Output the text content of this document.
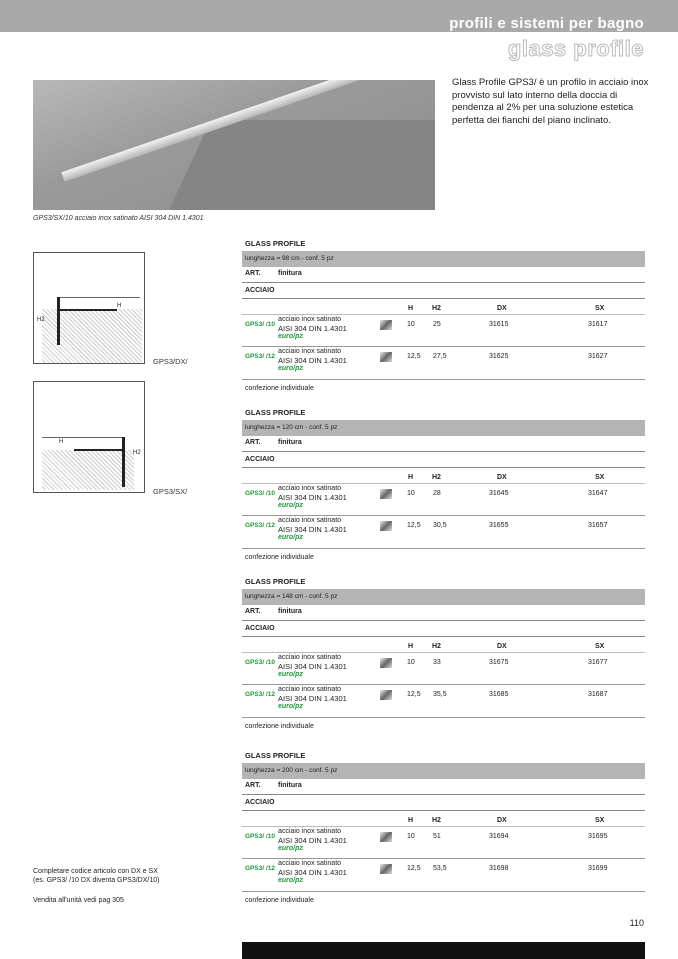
profili e sistemi per bagno
glass profile
GPS3/SX/10 acciaio inox satinato AISI 304 DIN 1.4301
Glass Profile GPS3/ è un profilo in acciaio inox provvisto sul lato interno della doccia di pendenza al 2% per una soluzione estetica perfetta dei fianchi del piano inclinato.
H
H2
GPS3/DX/
H
H2
GPS3/SX/
GLASS PROFILE
lunghezza = 98 cm - conf. 5 pz
ART. finitura
ACCIAIO
H	H2	DX	SX
GPS3/ /10
acciaio inox satinato
AISI 304 DIN 1.4301
euro/pz
10	25	31615	31617
GPS3/ /12
acciaio inox satinato
AISI 304 DIN 1.4301
euro/pz
12,5 27,5	31625	31627
confezione individuale
GLASS PROFILE
lunghezza = 120 cm - conf. 5 pz
ART. finitura
ACCIAIO
H	H2	DX	SX
GPS3/ /10
acciaio inox satinato
AISI 304 DIN 1.4301
euro/pz
10	28	31645	31647
GPS3/ /12
acciaio inox satinato
AISI 304 DIN 1.4301
euro/pz
12,5 30,5	31655	31657
confezione individuale
GLASS PROFILE
lunghezza = 148 cm - conf. 5 pz
ART. finitura
ACCIAIO
H	H2	DX	SX
GPS3/ /10
acciaio inox satinato
AISI 304 DIN 1.4301
euro/pz
10	33	31675	31677
GPS3/ /12
acciaio inox satinato
AISI 304 DIN 1.4301
euro/pz
12,5 35,5	31685	31687
confezione individuale
GLASS PROFILE
lunghezza = 200 cm - conf. 5 pz
ART. finitura
ACCIAIO
H	H2	DX	SX
GPS3/ /10
acciaio inox satinato
AISI 304 DIN 1.4301
euro/pz
10	51	31694	31695
GPS3/ /12
acciaio inox satinato
AISI 304 DIN 1.4301
euro/pz
12,5 53,5	31698	31699
confezione individuale
Completare codice articolo con DX e SX
(es. GPS3/ /10 DX diventa GPS3/DX/10)
Vendita all'unità vedi pag 305
110
